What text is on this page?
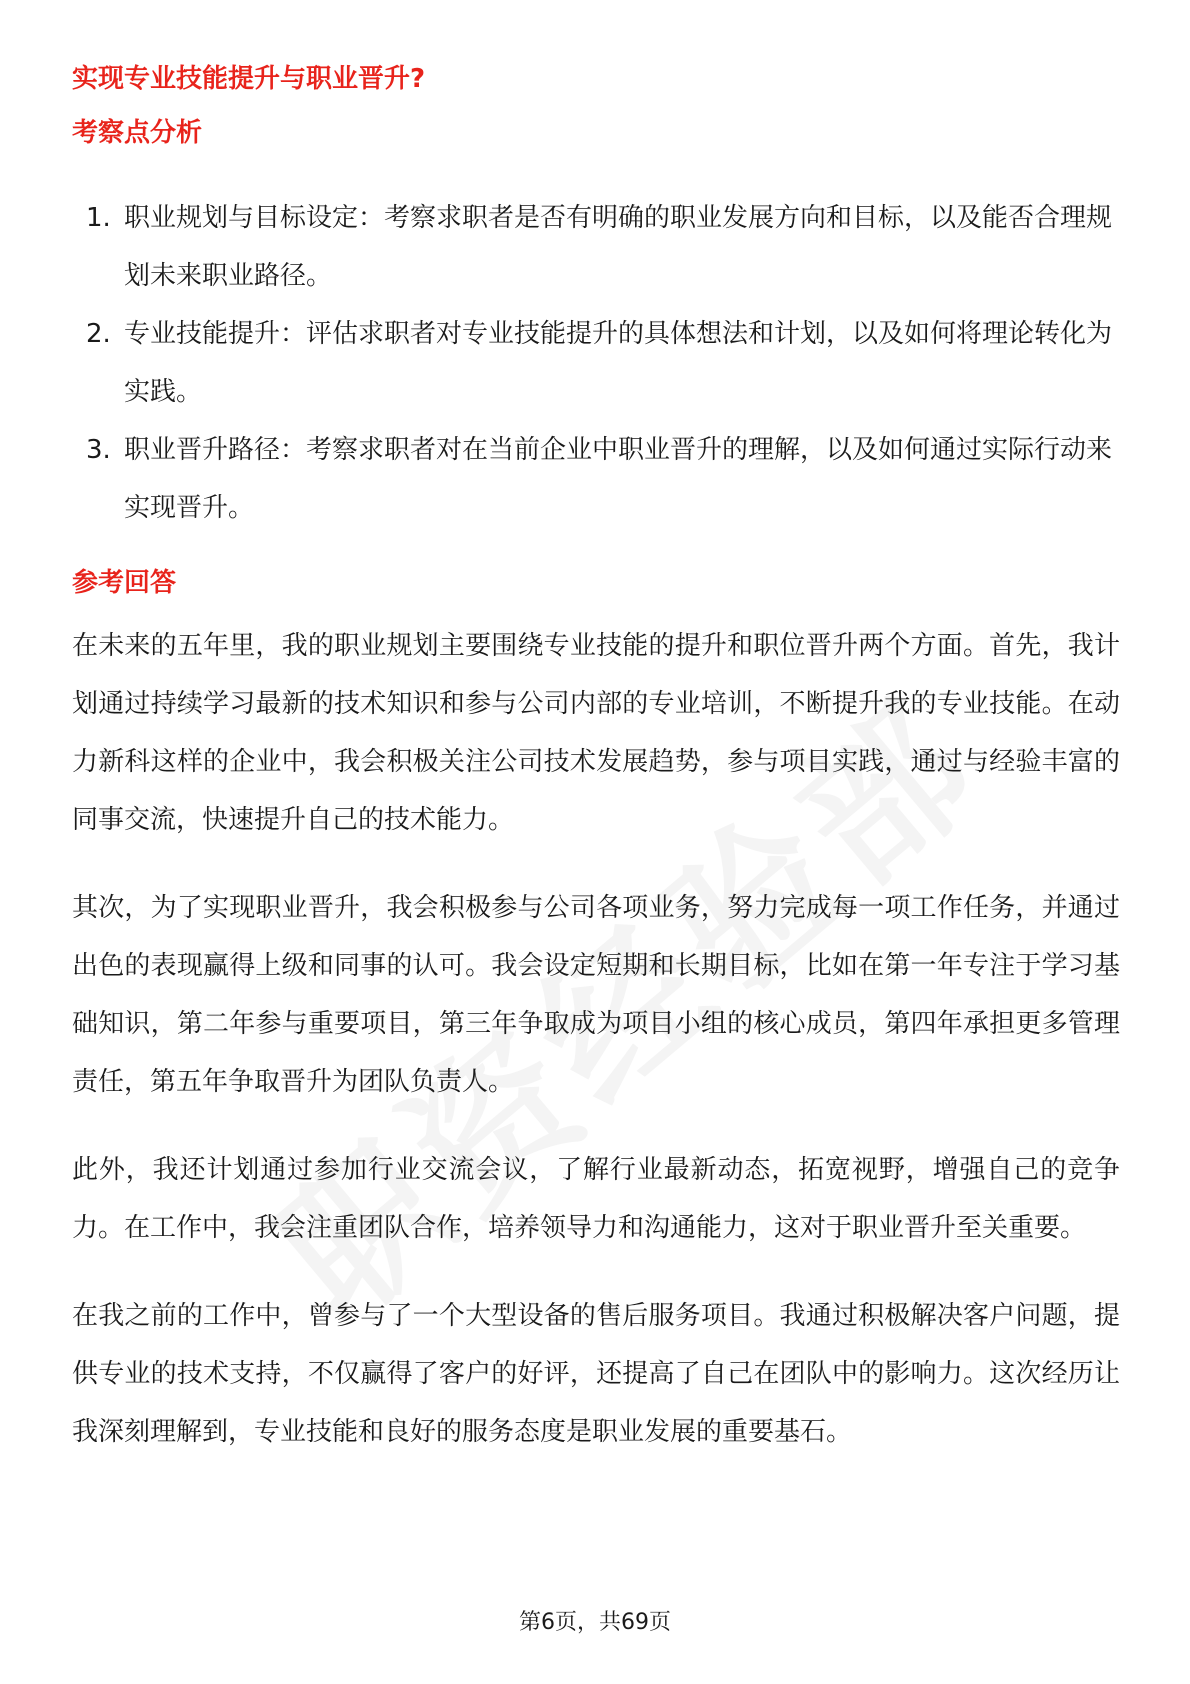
实现专业技能提升与职业晋升?
考察点分析
1. 职业规划与目标设定：考察求职者是否有明确的职业发展方向和目标，以及能否合理规划未来职业路径。
2. 专业技能提升：评估求职者对专业技能提升的具体想法和计划，以及如何将理论转化为实践。
3. 职业晋升路径：考察求职者对在当前企业中职业晋升的理解，以及如何通过实际行动来实现晋升。
参考回答

在未来的五年里，我的职业规划主要围绕专业技能的提升和职位晋升两个方面。首先，我计划通过持续学习最新的技术知识和参与公司内部的专业培训，不断提升我的专业技能。在动力新科这样的企业中，我会积极关注公司技术发展趋势，参与项目实践，通过与经验丰富的同事交流，快速提升自己的技术能力。

其次，为了实现职业晋升，我会积极参与公司各项业务，努力完成每一项工作任务，并通过出色的表现赢得上级和同事的认可。我会设定短期和长期目标，比如在第一年专注于学习基础知识，第二年参与重要项目，第三年争取成为项目小组的核心成员，第四年承担更多管理责任，第五年争取晋升为团队负责人。

此外，我还计划通过参加行业交流会议，了解行业最新动态，拓宽视野，增强自己的竞争力。在工作中，我会注重团队合作，培养领导力和沟通能力，这对于职业晋升至关重要。

在我之前的工作中，曾参与了一个大型设备的售后服务项目。我通过积极解决客户问题，提供专业的技术支持，不仅赢得了客户的好评，还提高了自己在团队中的影响力。这次经历让我深刻理解到，专业技能和良好的服务态度是职业发展的重要基石。

第6页，共69页
